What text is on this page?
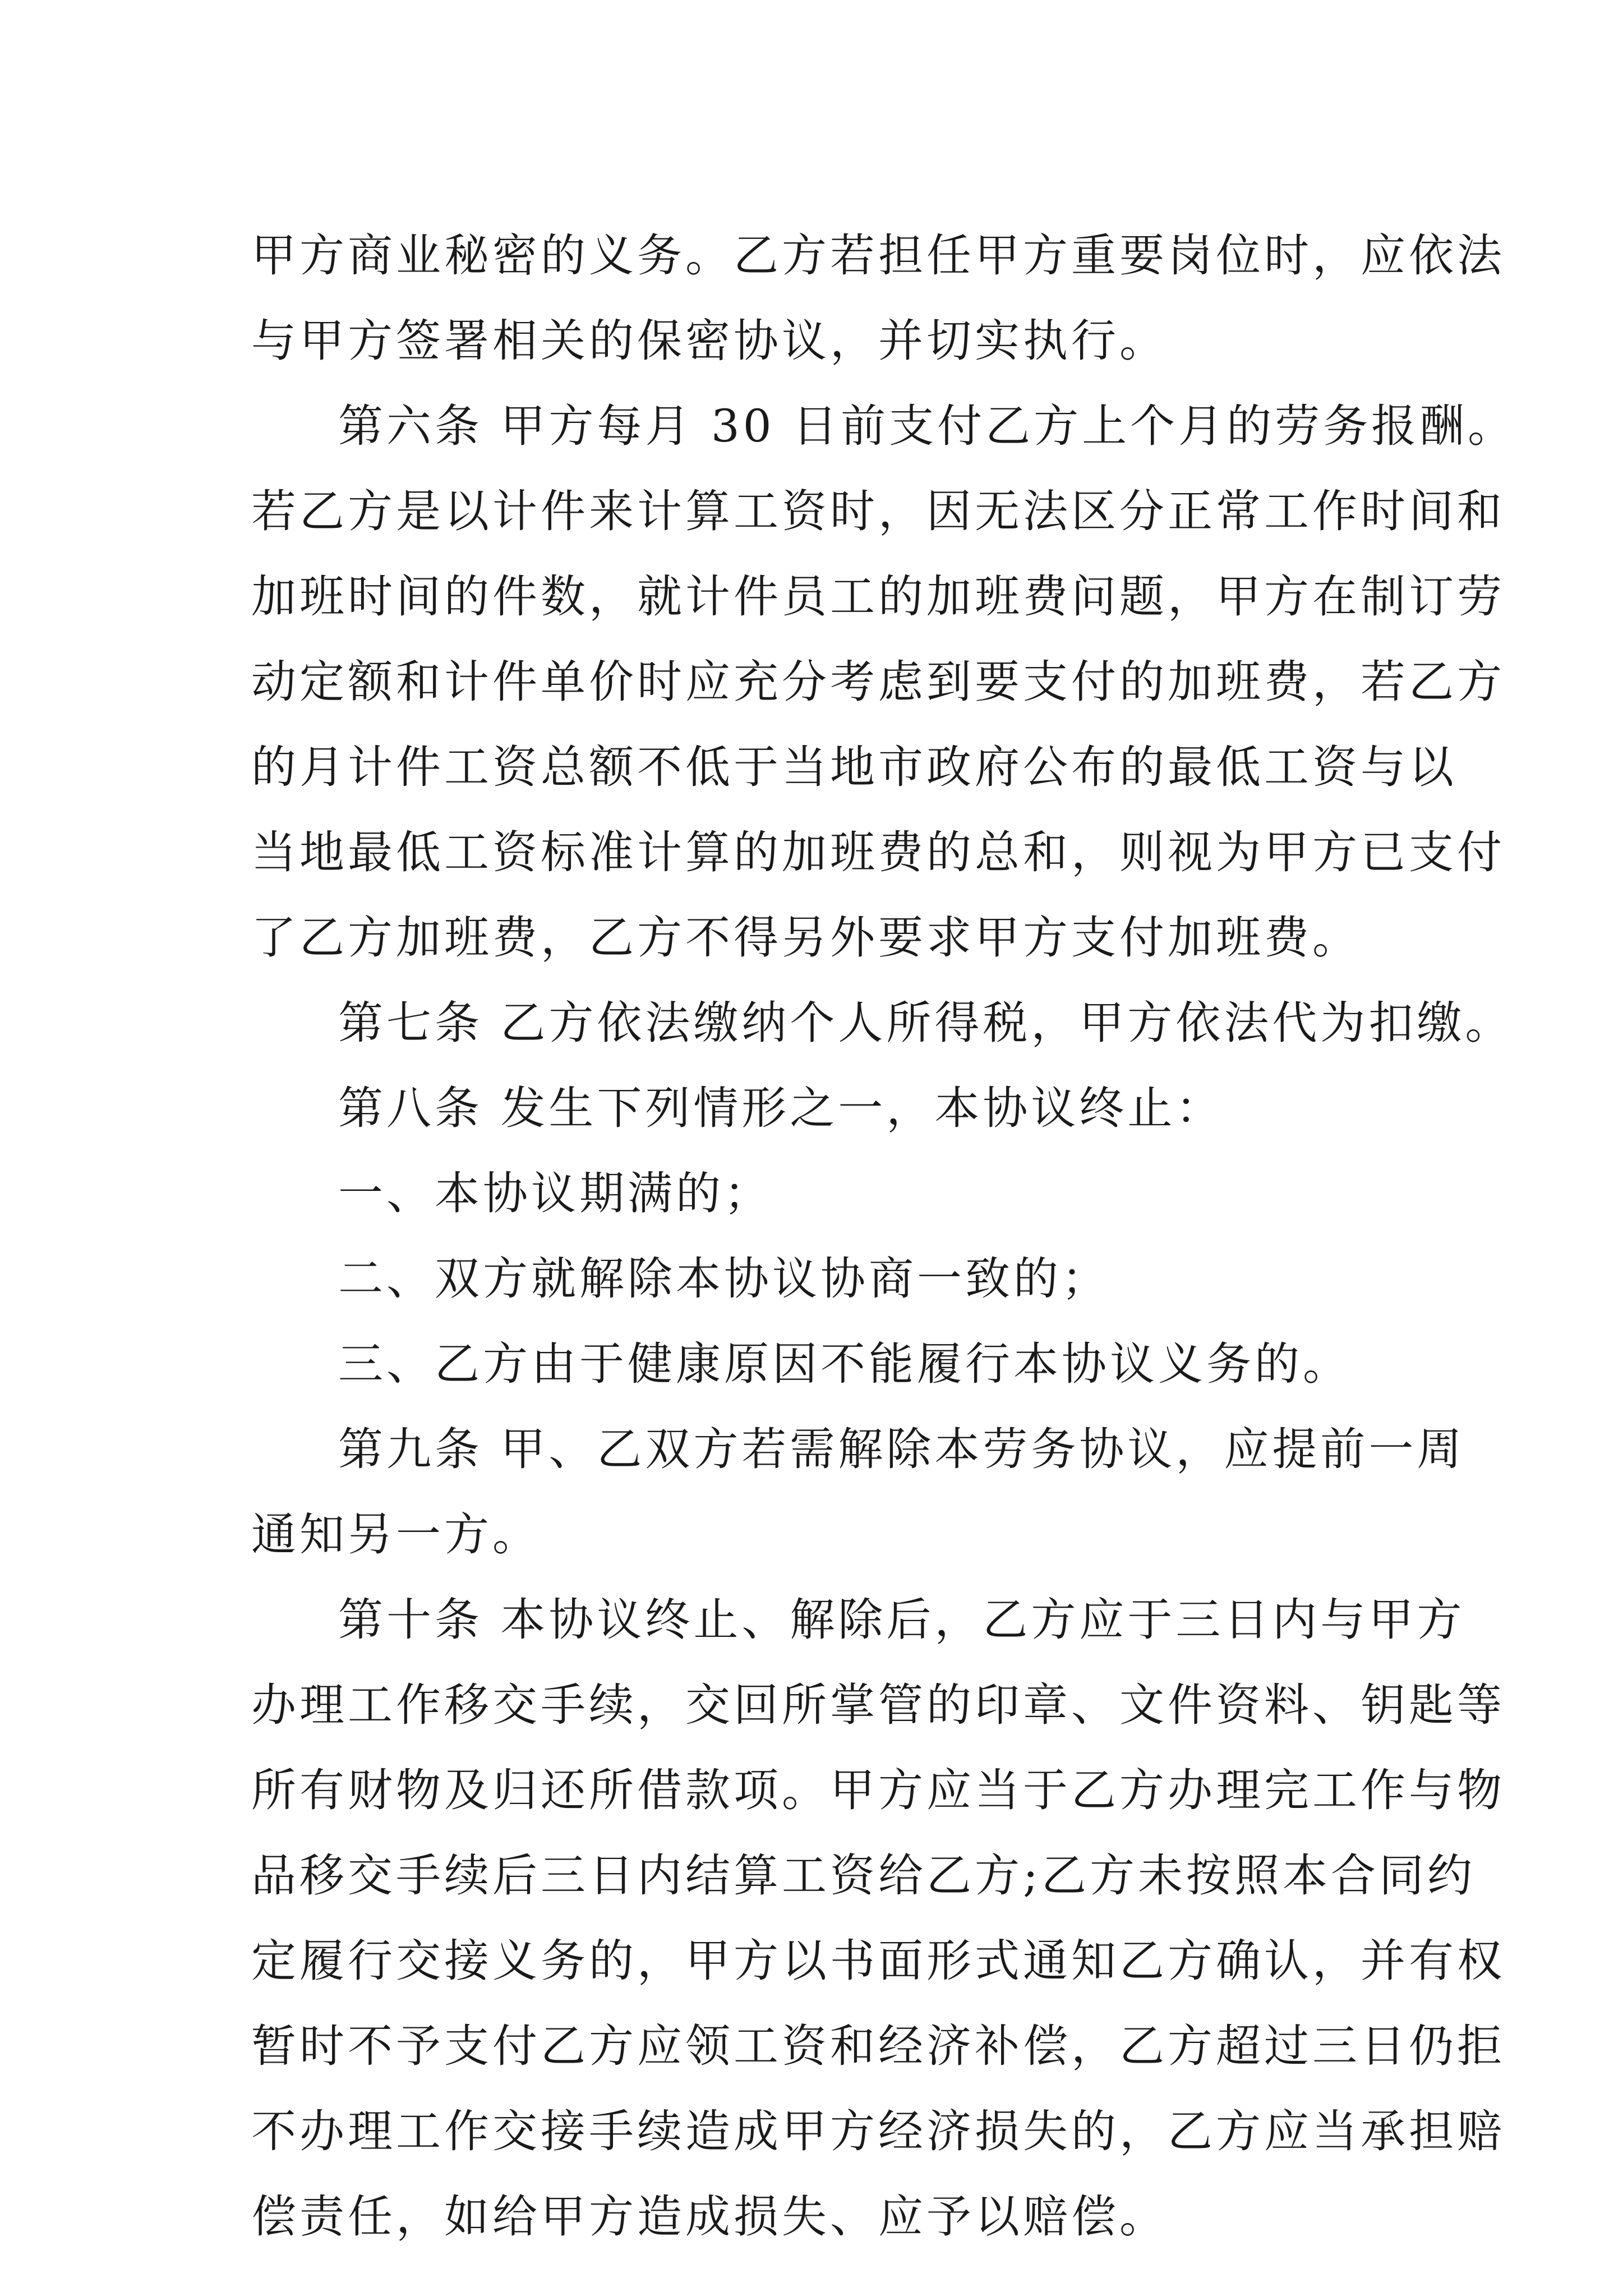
甲方商业秘密的义务。乙方若担任甲方重要岗位时，应依法
与甲方签署相关的保密协议，并切实执行。
第六条 甲方每月 30 日前支付乙方上个月的劳务报酬。
若乙方是以计件来计算工资时，因无法区分正常工作时间和
加班时间的件数，就计件员工的加班费问题，甲方在制订劳
动定额和计件单价时应充分考虑到要支付的加班费，若乙方
的月计件工资总额不低于当地市政府公布的最低工资与以
当地最低工资标准计算的加班费的总和，则视为甲方已支付
了乙方加班费，乙方不得另外要求甲方支付加班费。
第七条 乙方依法缴纳个人所得税，甲方依法代为扣缴。
第八条 发生下列情形之一，本协议终止：
一、本协议期满的；
二、双方就解除本协议协商一致的；
三、乙方由于健康原因不能履行本协议义务的。
第九条 甲、乙双方若需解除本劳务协议，应提前一周
通知另一方。
第十条 本协议终止、解除后，乙方应于三日内与甲方
办理工作移交手续，交回所掌管的印章、文件资料、钥匙等
所有财物及归还所借款项。甲方应当于乙方办理完工作与物
品移交手续后三日内结算工资给乙方;乙方未按照本合同约
定履行交接义务的，甲方以书面形式通知乙方确认，并有权
暂时不予支付乙方应领工资和经济补偿，乙方超过三日仍拒
不办理工作交接手续造成甲方经济损失的，乙方应当承担赔
偿责任，如给甲方造成损失、应予以赔偿。
